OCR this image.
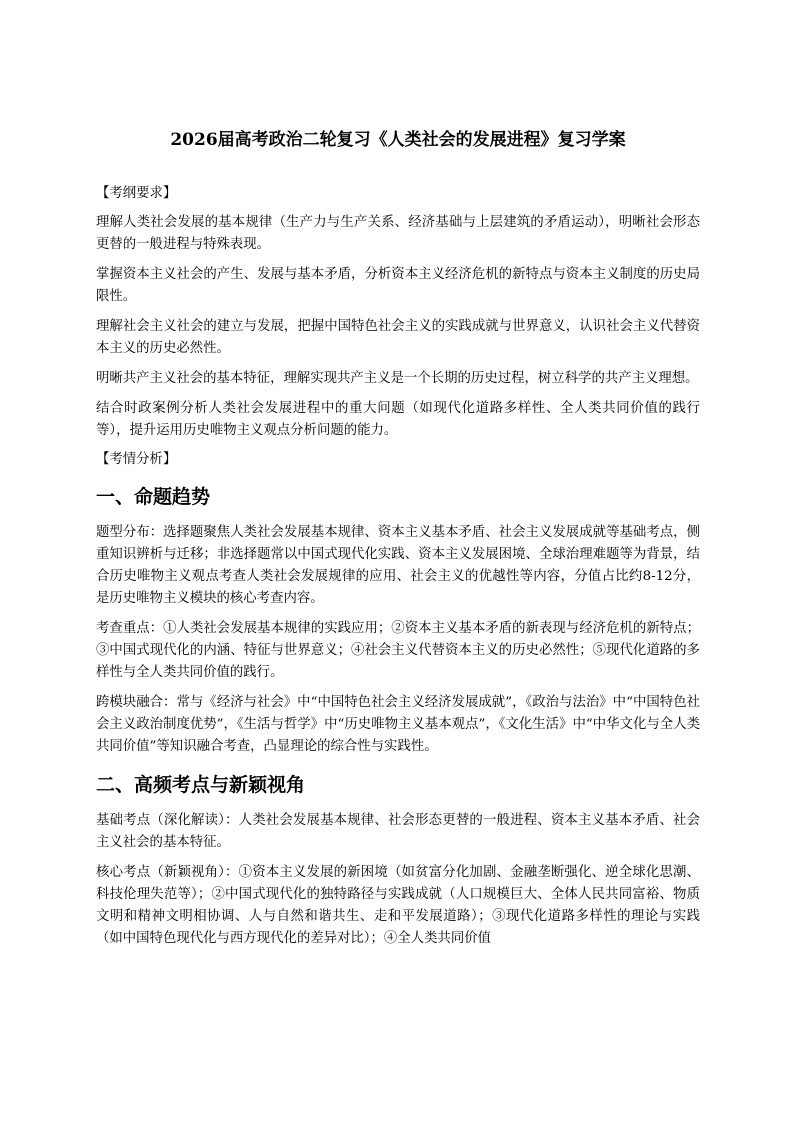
2026届高考政治二轮复习《人类社会的发展进程》复习学案
【考纲要求】

理解人类社会发展的基本规律（生产力与生产关系、经济基础与上层建筑的矛盾运动），明晰社会形态更替的一般进程与特殊表现。

掌握资本主义社会的产生、发展与基本矛盾，分析资本主义经济危机的新特点与资本主义制度的历史局限性。

理解社会主义社会的建立与发展，把握中国特色社会主义的实践成就与世界意义，认识社会主义代替资本主义的历史必然性。

明晰共产主义社会的基本特征，理解实现共产主义是一个长期的历史过程，树立科学的共产主义理想。

结合时政案例分析人类社会发展进程中的重大问题（如现代化道路多样性、全人类共同价值的践行等），提升运用历史唯物主义观点分析问题的能力。

【考情分析】
一、命题趋势

题型分布：选择题聚焦人类社会发展基本规律、资本主义基本矛盾、社会主义发展成就等基础考点，侧重知识辨析与迁移；非选择题常以中国式现代化实践、资本主义发展困境、全球治理难题等为背景，结合历史唯物主义观点考查人类社会发展规律的应用、社会主义的优越性等内容，分值占比约8-12分，是历史唯物主义模块的核心考查内容。

考查重点：①人类社会发展基本规律的实践应用；②资本主义基本矛盾的新表现与经济危机的新特点；③中国式现代化的内涵、特征与世界意义；④社会主义代替资本主义的历史必然性；⑤现代化道路的多样性与全人类共同价值的践行。

跨模块融合：常与《经济与社会》中“中国特色社会主义经济发展成就”，《政治与法治》中“中国特色社会主义政治制度优势”，《生活与哲学》中“历史唯物主义基本观点”，《文化生活》中“中华文化与全人类共同价值”等知识融合考查，凸显理论的综合性与实践性。

二、高频考点与新颖视角

基础考点（深化解读）：人类社会发展基本规律、社会形态更替的一般进程、资本主义基本矛盾、社会主义社会的基本特征。

核心考点（新颖视角）：①资本主义发展的新困境（如贫富分化加剧、金融垄断强化、逆全球化思潮、科技伦理失范等）；②中国式现代化的独特路径与实践成就（人口规模巨大、全体人民共同富裕、物质文明和精神文明相协调、人与自然和谐共生、走和平发展道路）；③现代化道路多样性的理论与实践（如中国特色现代化与西方现代化的差异对比）；④全人类共同价值
